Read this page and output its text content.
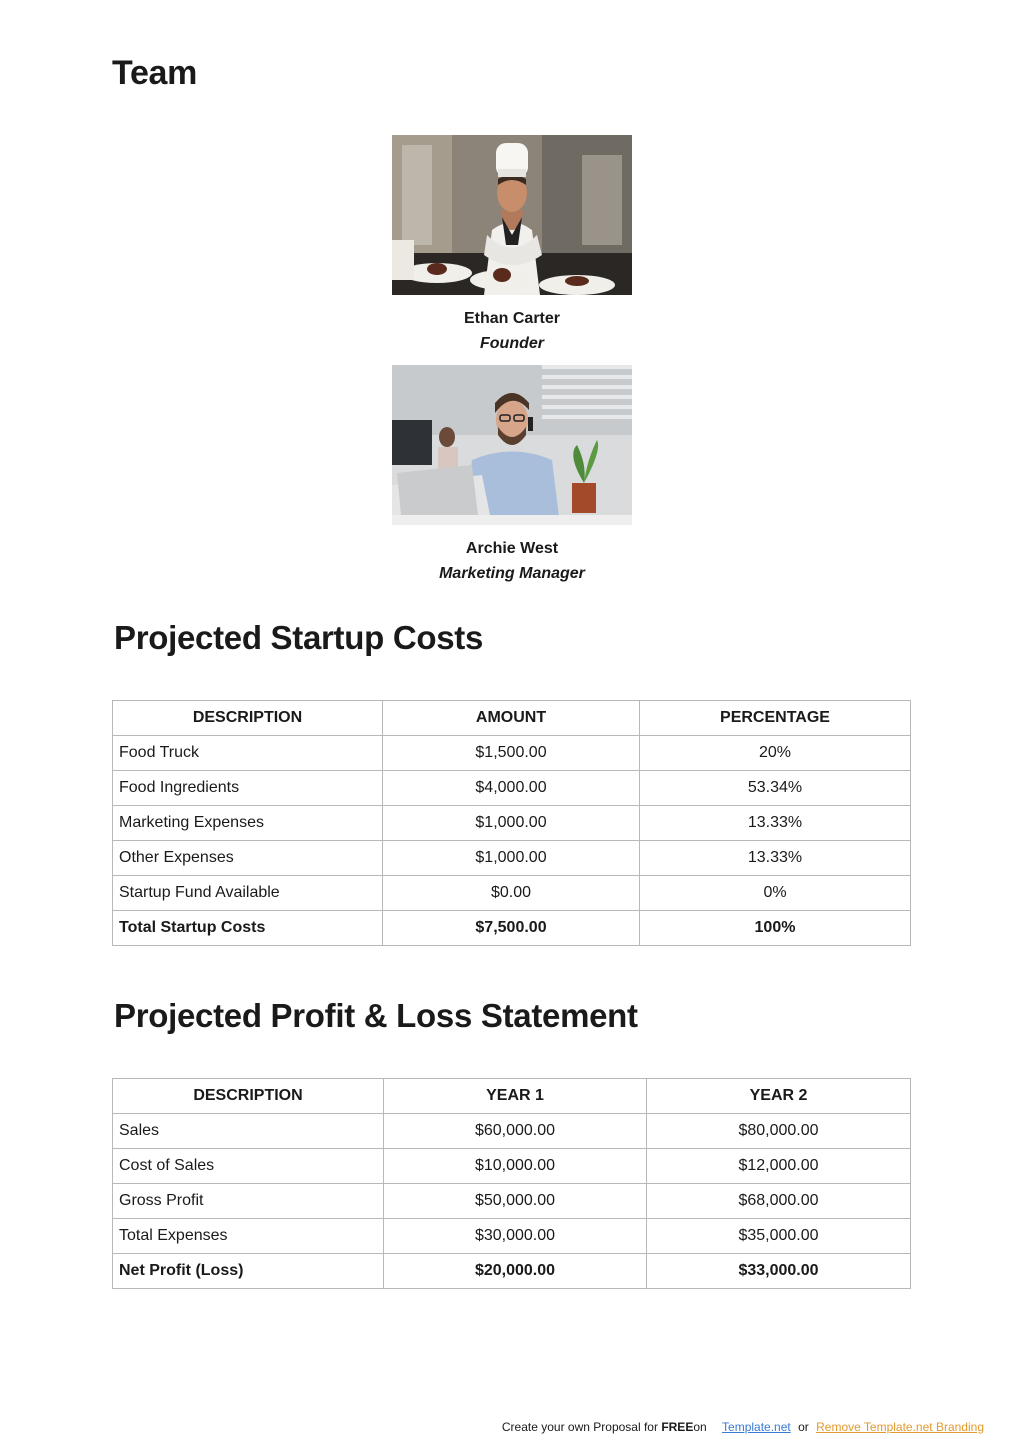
Team
Ethan Carter
Founder
Archie West
Marketing Manager
Projected Startup Costs
DESCRIPTION	AMOUNT	PERCENTAGE
Food Truck	$1,500.00	20%
Food Ingredients	$4,000.00	53.34%
Marketing Expenses	$1,000.00	13.33%
Other Expenses	$1,000.00	13.33%
Startup Fund Available	$0.00	0%
Total Startup Costs	$7,500.00	100%
Projected Profit & Loss Statement
DESCRIPTION	YEAR 1	YEAR 2
Sales	$60,000.00	$80,000.00
Cost of Sales	$10,000.00	$12,000.00
Gross Profit	$50,000.00	$68,000.00
Total Expenses	$30,000.00	$35,000.00
Net Profit (Loss)	$20,000.00	$33,000.00
Create your own Proposal for FREEon Template.net or Remove Template.net Branding
